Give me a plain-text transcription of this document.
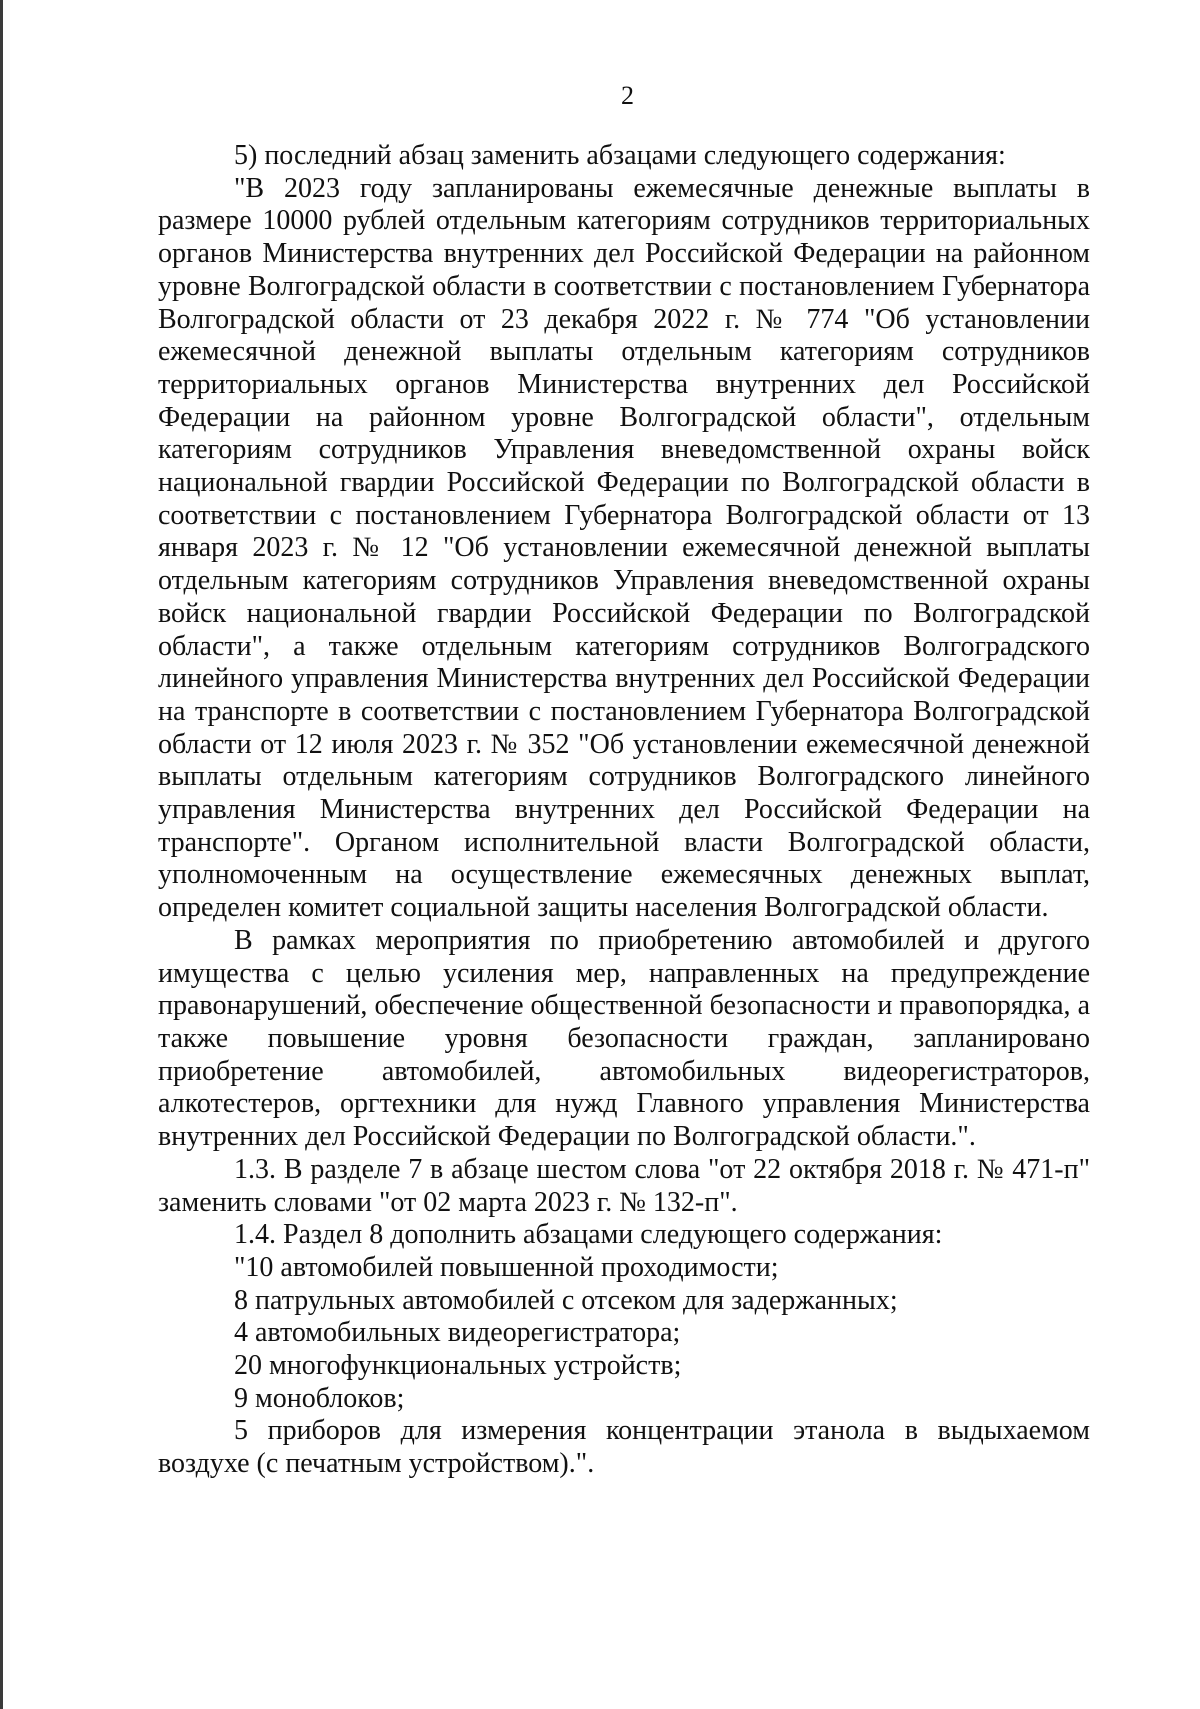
2

5) последний абзац заменить абзацами следующего содержания:

"В 2023 году запланированы ежемесячные денежные выплаты в размере 10000 рублей отдельным категориям сотрудников территориальных органов Министерства внутренних дел Российской Федерации на районном уровне Волгоградской области в соответствии с постановлением Губернатора Волгоградской области от 23 декабря 2022 г. № 774 "Об установлении ежемесячной денежной выплаты отдельным категориям сотрудников территориальных органов Министерства внутренних дел Российской Федерации на районном уровне Волгоградской области", отдельным категориям сотрудников Управления вневедомственной охраны войск национальной гвардии Российской Федерации по Волгоградской области в соответствии с постановлением Губернатора Волгоградской области от 13 января 2023 г. № 12 "Об установлении ежемесячной денежной выплаты отдельным категориям сотрудников Управления вневедомственной охраны войск национальной гвардии Российской Федерации по Волгоградской области", а также отдельным категориям сотрудников Волгоградского линейного управления Министерства внутренних дел Российской Федерации на транспорте в соответствии с постановлением Губернатора Волгоградской области от 12 июля 2023 г. № 352 "Об установлении ежемесячной денежной выплаты отдельным категориям сотрудников Волгоградского линейного управления Министерства внутренних дел Российской Федерации на транспорте". Органом исполнительной власти Волгоградской области, уполномоченным на осуществление ежемесячных денежных выплат, определен комитет социальной защиты населения Волгоградской области.

В рамках мероприятия по приобретению автомобилей и другого имущества с целью усиления мер, направленных на предупреждение правонарушений, обеспечение общественной безопасности и правопорядка, а также повышение уровня безопасности граждан, запланировано приобретение автомобилей, автомобильных видеорегистраторов, алкотестеров, оргтехники для нужд Главного управления Министерства внутренних дел Российской Федерации по Волгоградской области.".

1.3. В разделе 7 в абзаце шестом слова "от 22 октября 2018 г. № 471-п" заменить словами "от 02 марта 2023 г. № 132-п".

1.4. Раздел 8 дополнить абзацами следующего содержания:

"10 автомобилей повышенной проходимости;

8 патрульных автомобилей с отсеком для задержанных;

4 автомобильных видеорегистратора;

20 многофункциональных устройств;

9 моноблоков;

5 приборов для измерения концентрации этанола в выдыхаемом воздухе (с печатным устройством).".
